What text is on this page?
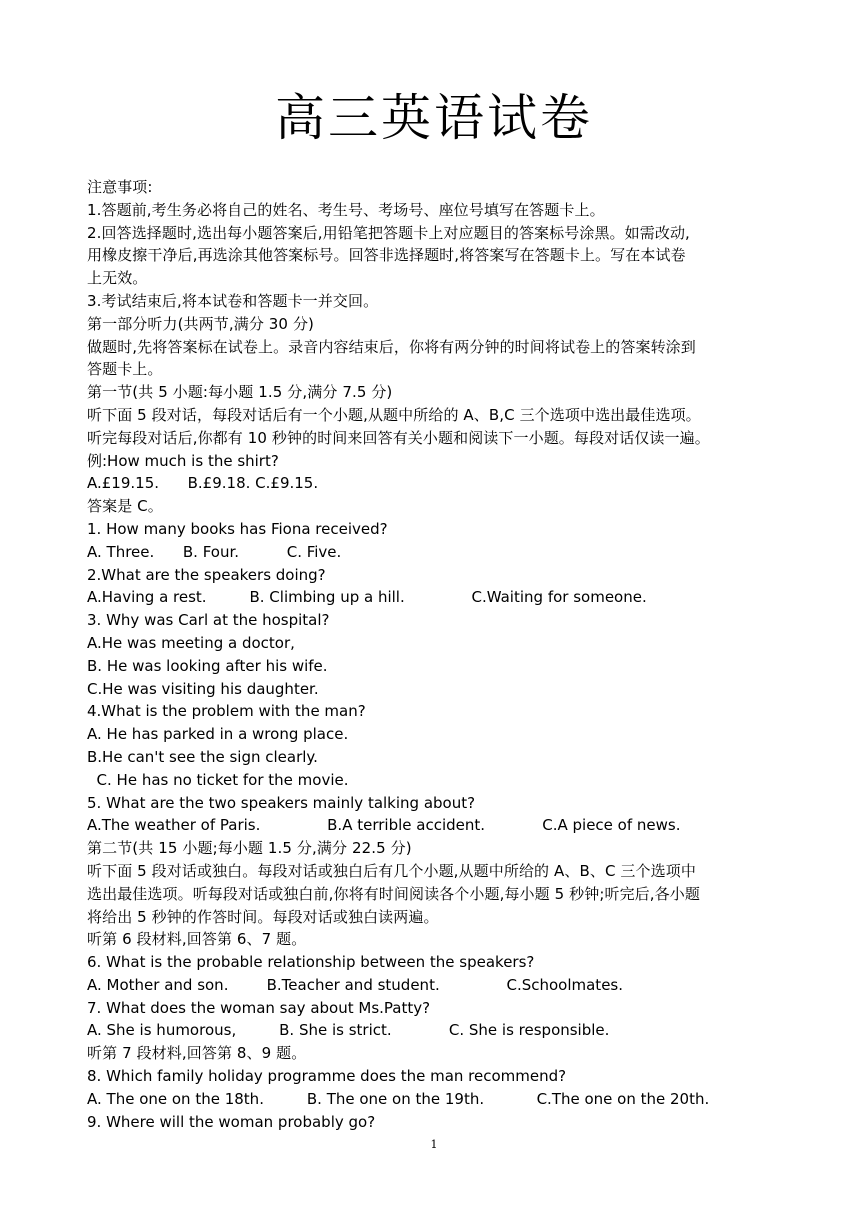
高三英语试卷
注意事项:
1.答题前,考生务必将自己的姓名、考生号、考场号、座位号填写在答题卡上。
2.回答选择题时,选出每小题答案后,用铅笔把答题卡上对应题目的答案标号涂黑。如需改动,
用橡皮擦干净后,再选涂其他答案标号。回答非选择题时,将答案写在答题卡上。写在本试卷
上无效。
3.考试结束后,将本试卷和答题卡一并交回。
第一部分听力(共两节,满分 30 分)
做题时,先将答案标在试卷上。录音内容结束后，你将有两分钟的时间将试卷上的答案转涂到
答题卡上。
第一节(共 5 小题:每小题 1.5 分,满分 7.5 分)
听下面 5 段对话，每段对话后有一个小题,从题中所给的 A、B,C 三个选项中选出最佳选项。
听完每段对话后,你都有 10 秒钟的时间来回答有关小题和阅读下一小题。每段对话仅读一遍。
例:How much is the shirt?
A.£19.15.      B.£9.18. C.£9.15.
答案是 C。
1. How many books has Fiona received?
A. Three.      B. Four.          C. Five.
2.What are the speakers doing?
A.Having a rest.         B. Climbing up a hill.              C.Waiting for someone.
3. Why was Carl at the hospital?
A.He was meeting a doctor,
B. He was looking after his wife.
C.He was visiting his daughter.
4.What is the problem with the man?
A. He has parked in a wrong place.
B.He can't see the sign clearly.
C. He has no ticket for the movie.
5. What are the two speakers mainly talking about?
A.The weather of Paris.              B.A terrible accident.            C.A piece of news.
第二节(共 15 小题;每小题 1.5 分,满分 22.5 分)
听下面 5 段对话或独白。每段对话或独白后有几个小题,从题中所给的 A、B、C 三个选项中
选出最佳选项。听每段对话或独白前,你将有时间阅读各个小题,每小题 5 秒钟;听完后,各小题
将给出 5 秒钟的作答时间。每段对话或独白读两遍。
听第 6 段材料,回答第 6、7 题。
6. What is the probable relationship between the speakers?
A. Mother and son.        B.Teacher and student.              C.Schoolmates.
7. What does the woman say about Ms.Patty?
A. She is humorous,         B. She is strict.            C. She is responsible.
听第 7 段材料,回答第 8、9 题。
8. Which family holiday programme does the man recommend?
A. The one on the 18th.         B. The one on the 19th.           C.The one on the 20th.
9. Where will the woman probably go?
1
